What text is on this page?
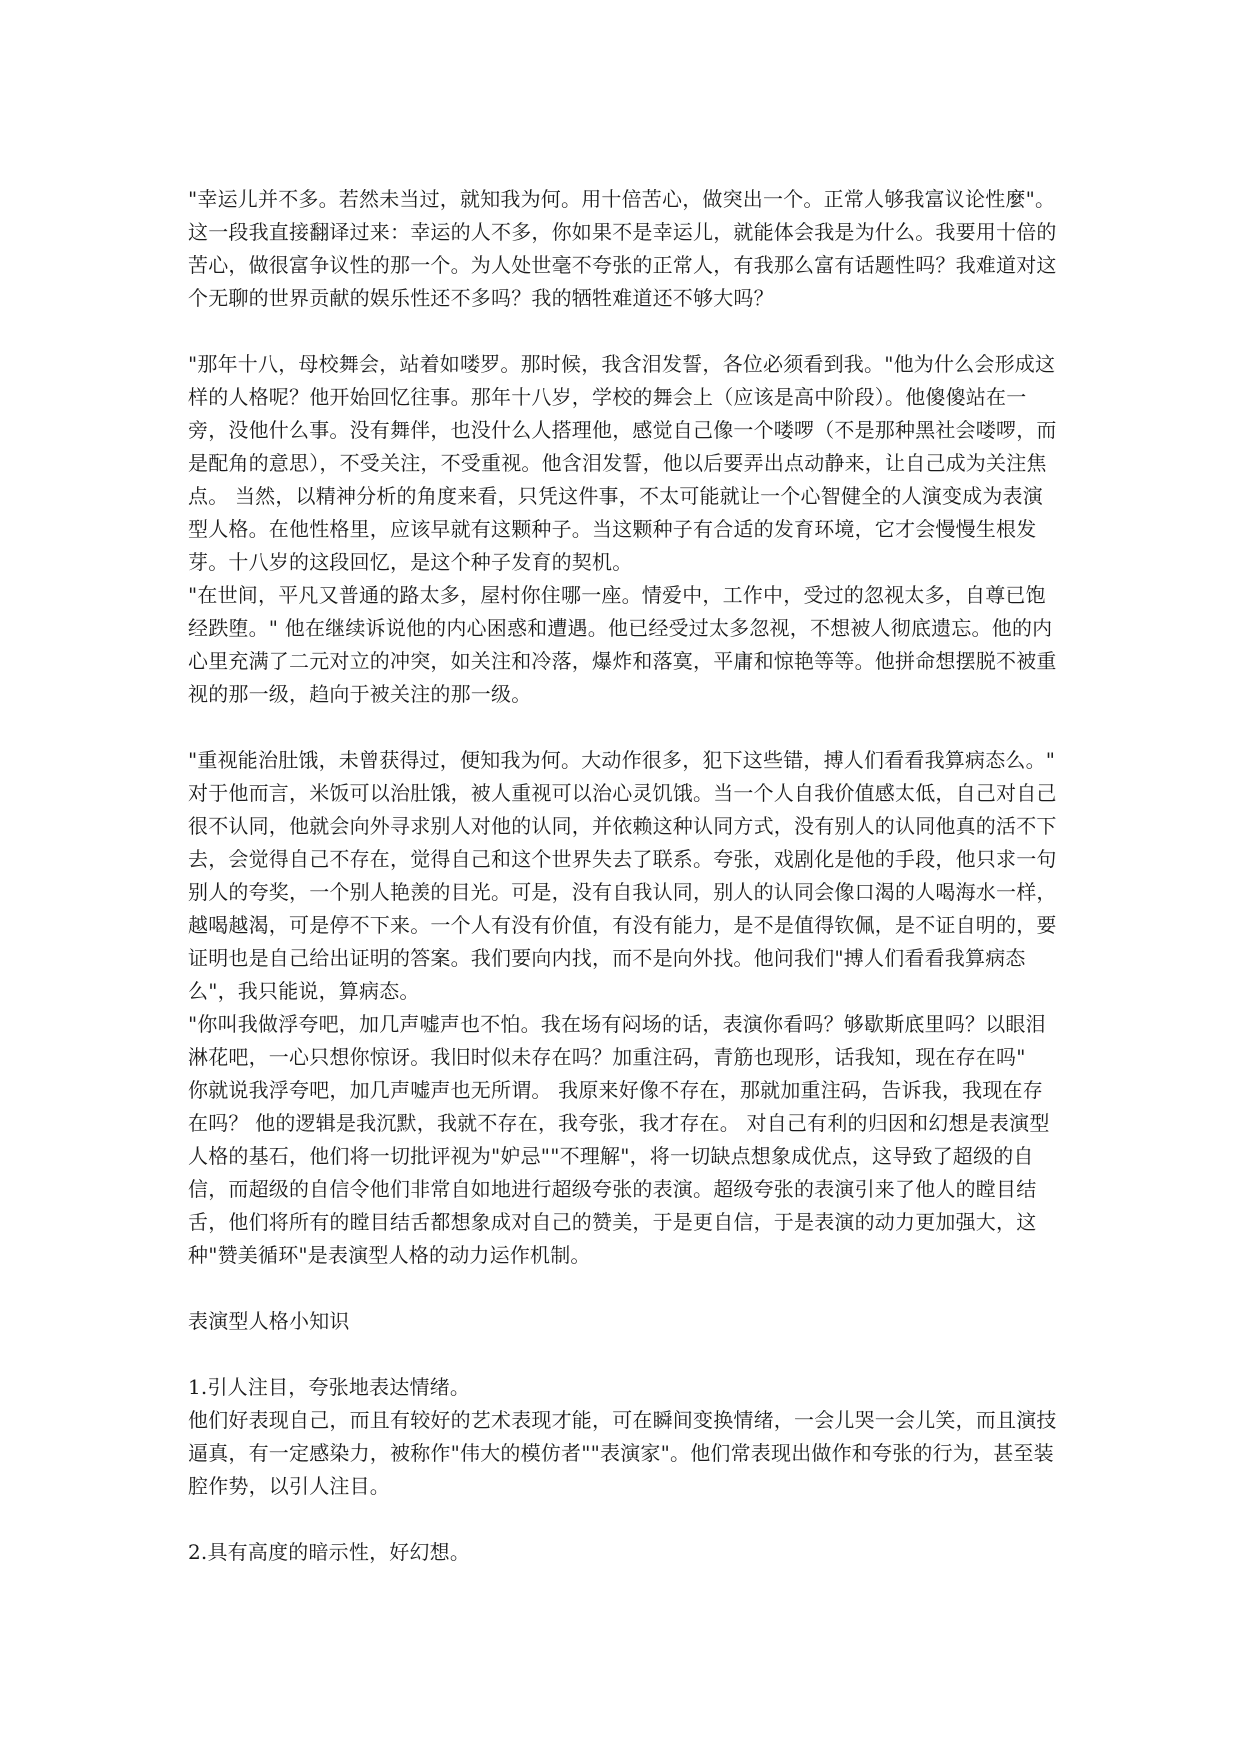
"幸运儿并不多。若然未当过，就知我为何。用十倍苦心，做突出一个。正常人够我富议论性麼"。这一段我直接翻译过来：幸运的人不多，你如果不是幸运儿，就能体会我是为什么。我要用十倍的苦心，做很富争议性的那一个。为人处世毫不夸张的正常人，有我那么富有话题性吗？我难道对这个无聊的世界贡献的娱乐性还不多吗？我的牺牲难道还不够大吗？

"那年十八，母校舞会，站着如喽罗。那时候，我含泪发誓，各位必须看到我。"他为什么会形成这样的人格呢？他开始回忆往事。那年十八岁，学校的舞会上（应该是高中阶段）。他傻傻站在一旁，没他什么事。没有舞伴，也没什么人搭理他，感觉自己像一个喽啰（不是那种黑社会喽啰，而是配角的意思），不受关注，不受重视。他含泪发誓，他以后要弄出点动静来，让自己成为关注焦点。 当然，以精神分析的角度来看，只凭这件事，不太可能就让一个心智健全的人演变成为表演型人格。在他性格里，应该早就有这颗种子。当这颗种子有合适的发育环境，它才会慢慢生根发芽。十八岁的这段回忆，是这个种子发育的契机。

"在世间，平凡又普通的路太多，屋村你住哪一座。情爱中，工作中，受过的忽视太多，自尊已饱经跌堕。" 他在继续诉说他的内心困惑和遭遇。他已经受过太多忽视，不想被人彻底遗忘。他的内心里充满了二元对立的冲突，如关注和冷落，爆炸和落寞，平庸和惊艳等等。他拼命想摆脱不被重视的那一级，趋向于被关注的那一级。

"重视能治肚饿，未曾获得过，便知我为何。大动作很多，犯下这些错，搏人们看看我算病态么。" 对于他而言，米饭可以治肚饿，被人重视可以治心灵饥饿。当一个人自我价值感太低，自己对自己很不认同，他就会向外寻求别人对他的认同，并依赖这种认同方式，没有别人的认同他真的活不下去，会觉得自己不存在，觉得自己和这个世界失去了联系。夸张，戏剧化是他的手段，他只求一句别人的夸奖，一个别人艳羡的目光。可是，没有自我认同，别人的认同会像口渴的人喝海水一样，越喝越渴，可是停不下来。一个人有没有价值，有没有能力，是不是值得钦佩，是不证自明的，要证明也是自己给出证明的答案。我们要向内找，而不是向外找。他问我们"搏人们看看我算病态么"，我只能说，算病态。

"你叫我做浮夸吧，加几声嘘声也不怕。我在场有闷场的话，表演你看吗？够歇斯底里吗？以眼泪淋花吧，一心只想你惊讶。我旧时似未存在吗？加重注码，青筋也现形，话我知，现在存在吗"

你就说我浮夸吧，加几声嘘声也无所谓。 我原来好像不存在，那就加重注码，告诉我，我现在存在吗？ 他的逻辑是我沉默，我就不存在，我夸张，我才存在。 对自己有利的归因和幻想是表演型人格的基石，他们将一切批评视为"妒忌""不理解"，将一切缺点想象成优点，这导致了超级的自信，而超级的自信令他们非常自如地进行超级夸张的表演。超级夸张的表演引来了他人的瞠目结舌，他们将所有的瞠目结舌都想象成对自己的赞美，于是更自信，于是表演的动力更加强大，这种"赞美循环"是表演型人格的动力运作机制。

表演型人格小知识

1.引人注目，夸张地表达情绪。

他们好表现自己，而且有较好的艺术表现才能，可在瞬间变换情绪，一会儿哭一会儿笑，而且演技逼真，有一定感染力，被称作"伟大的模仿者""表演家"。他们常表现出做作和夸张的行为，甚至装腔作势，以引人注目。

2.具有高度的暗示性，好幻想。
